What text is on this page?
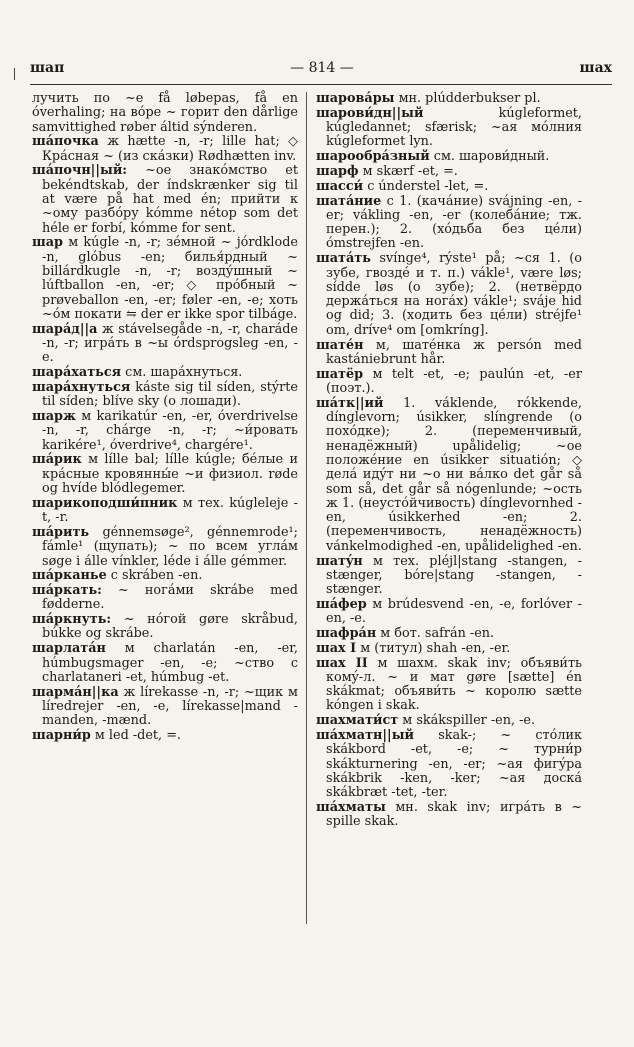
шап	— 814 —	шах
лучить по ~е få løbepas, få en óverhaling; на вóре ~ горит den dårlige samvittighed røber áltid sýnderen.
шáпочка ж hætte -n, -r; lille hat; ◇ Крáсная ~ (из скáзки) Rødhætten inv.
шáпочн||ый: ~ое знакóмство et bekéndtskab, der índskrænker sig til at være på hat med én; прийти к ~ому разбóру kómme nétop som det héle er forbí, kómme for sent.
шар м kúgle -n, -r; зéмной ~ jórdklode -n, glóbus -en; билья́рдный ~ billárdkugle -n, -r; возду́шный ~ lúftballon -en, -er; ◇ прóбный ~ prøveballon -en, -er; føler -en, -e; хоть ~óм покати ⇋ der er ikke spor tilbáge.
шарáд||а ж stávelsegåde -n, -r, charáde -n, -r; игрáть в ~ы órdsprogsleg -en, -e.
шарáхаться см. шарáхнуться.
шарáхнуться káste sig til síden, stýrte til síden; blíve sky (о лошади).
шарж м karikatúr -en, -er, óverdrivelse -n, -r, chárge -n, -r; ~и́ровать karikére¹, óverdrive⁴, chargére¹.
шáрик м lílle bal; lílle kúgle; бéлые и крáсные кровянны́е ~и физиол. røde og hvíde blódlegemer.
шарикоподши́пник м тех. kúgleleje -t, -r.
шáрить génnemsøge², génnemrode¹; fámle¹ (щупать); ~ по всем углáм søge i álle vínkler, léde i álle gémmer.
шáрканье с skráben -en.
шáркать: ~ ногáми skrábe med fødderne.
шáркнуть: ~ нóгой gøre skråbud, búkke og skrábe.
шарлатáн м charlatán -en, -er, húmbugsmager -en, -e; ~ство с charlataneri -et, húmbug -et.
шармáн||ка ж lírekasse -n, -r; ~щик м líredrejer -en, -e, lírekasse|mand -manden, -mænd.
шарни́р м led -det, =.
шаровáры мн. plúdderbukser pl.
шарови́дн||ый kúgleformet, kúgledannet; sfærisk; ~ая мóлния kúgleformet lyn.
шарообрáзный см. шарови́дный.
шарф м skærf -et, =.
шасси́ с únderstel -let, =.
шатáние с 1. (качáние) svájning -en, -er; vákling -en, -er (колебáние; тж. перен.); 2. (хóдьба без цéли) ómstrejfen -en.
шатáть svínge⁴, rýste¹ på; ~ся 1. (о зубе, гвоздé и т. п.) vákle¹, være løs; sídde løs (о зубе); 2. (нетвёрдо держáться на ногáх) vákle¹; sváje hid og did; 3. (ходить без цéли) stréjfe¹ om, dríve⁴ om [omkríng].
шатéн м, шатéнка ж persón med kastániebrunt hår.
шатёр м telt -et, -e; paulún -et, -er (поэт.).
шáтк||ий 1. váklende, rókkende, dínglevorn; úsikker, slíngrende (о похóдке); 2. (переменчивый, ненадёжный) upålidelig; ~ое положéние en úsikker situatión; ◇ делá идýт ни ~о ни вáлко det går så som så, det går så nógenlunde; ~ость ж 1. (неустóйчивость) dínglevornhed -en, úsikkerhed -en; 2. (переменчивость, ненадёжность) vánkelmodighed -en, upålidelighed -en.
шатýн м тех. pléjl|stang -stangen, -stænger, bóre|stang -stangen, -stænger.
шáфер м brúdesvend -en, -e, forlóver -en, -e.
шафрáн м бот. safrán -en.
шах I м (титул) shah -en, -er.
шах II м шахм. skak inv; объяви́ть комý-л. ~ и мат gøre [sætte] én skákmat; объяви́ть ~ королю sætte kóngen i skak.
шахмати́ст м skákspiller -en, -e.
шáхматн||ый skak-; ~ стóлик skákbord -et, -e; ~ турни́р skákturnering -en, -er; ~ая фигýра skákbrik -ken, -ker; ~ая доскá skákbræt -tet, -ter.
шáхматы мн. skak inv; игрáть в ~ spille skak.
